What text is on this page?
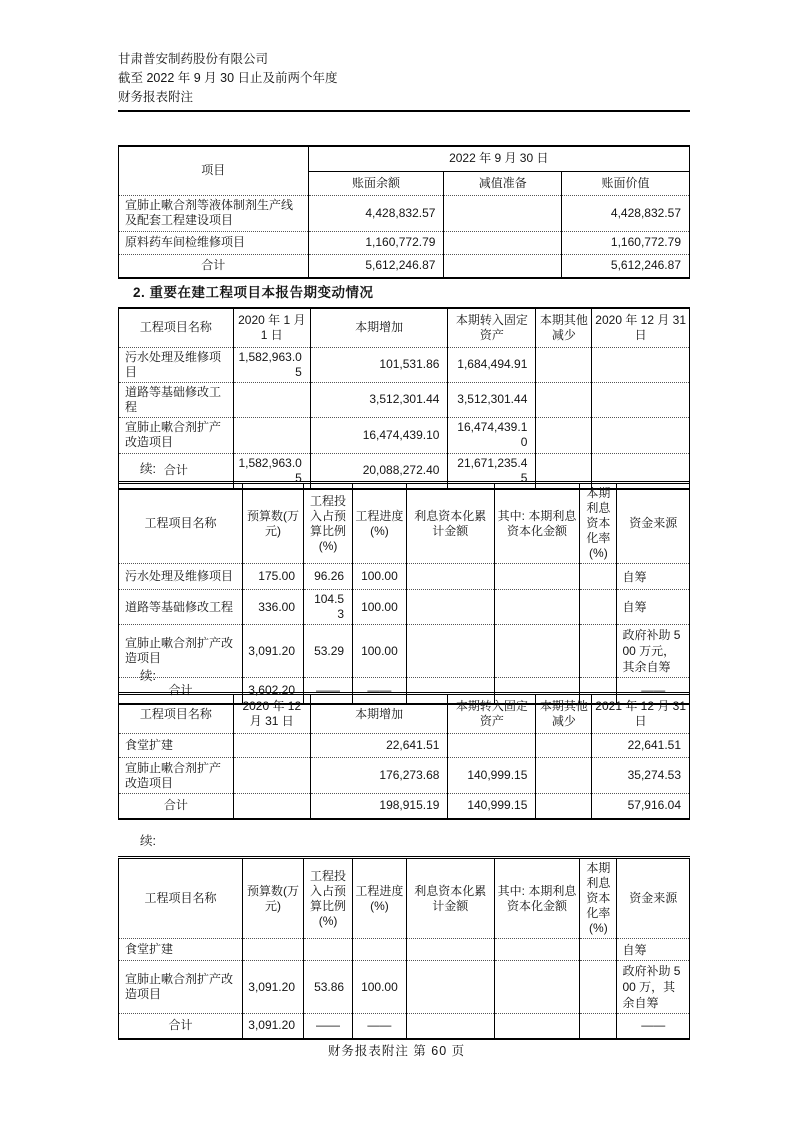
甘肃普安制药股份有限公司
截至 2022 年 9 月 30 日止及前两个年度
财务报表附注
项目	2022 年 9 月 30 日		
	账面余额	减值准备	账面价值
宣肺止嗽合剂等液体制剂生产线及配套工程建设项目	4,428,832.57		4,428,832.57
原料药车间检维修项目	1,160,772.79		1,160,772.79
合计	5,612,246.87		5,612,246.87
2. 重要在建工程项目本报告期变动情况
工程项目名称	2020 年 1 月 1 日	本期增加	本期转入固定资产	本期其他减少	2020 年 12 月 31 日
污水处理及维修项目	1,582,963.05	101,531.86	1,684,494.91		
道路等基础修改工程		3,512,301.44	3,512,301.44		
宣肺止嗽合剂扩产改造项目		16,474,439.10	16,474,439.10		
合计	1,582,963.05	20,088,272.40	21,671,235.45		
续:
工程项目名称	预算数(万元)	工程投入占预算比例(%)	工程进度(%)	利息资本化累计金额	其中: 本期利息资本化金额	本期利息资本化率(%)	资金来源
污水处理及维修项目	175.00	96.26	100.00				自筹
道路等基础修改工程	336.00	104.53	100.00				自筹
宣肺止嗽合剂扩产改造项目	3,091.20	53.29	100.00				政府补助 500 万元，其余自筹
合计	3,602.20	——	——				——
续:
工程项目名称	2020 年 12 月 31 日	本期增加	本期转入固定资产	本期其他减少	2021 年 12 月 31 日
食堂扩建		22,641.51			22,641.51
宣肺止嗽合剂扩产改造项目		176,273.68	140,999.15		35,274.53
合计		198,915.19	140,999.15		57,916.04
续:
工程项目名称	预算数(万元)	工程投入占预算比例(%)	工程进度(%)	利息资本化累计金额	其中: 本期利息资本化金额	本期利息资本化率(%)	资金来源
食堂扩建							自筹
宣肺止嗽合剂扩产改造项目	3,091.20	53.86	100.00				政府补助 500 万，其余自筹
合计	3,091.20	——	——				——
财务报表附注 第 60 页
